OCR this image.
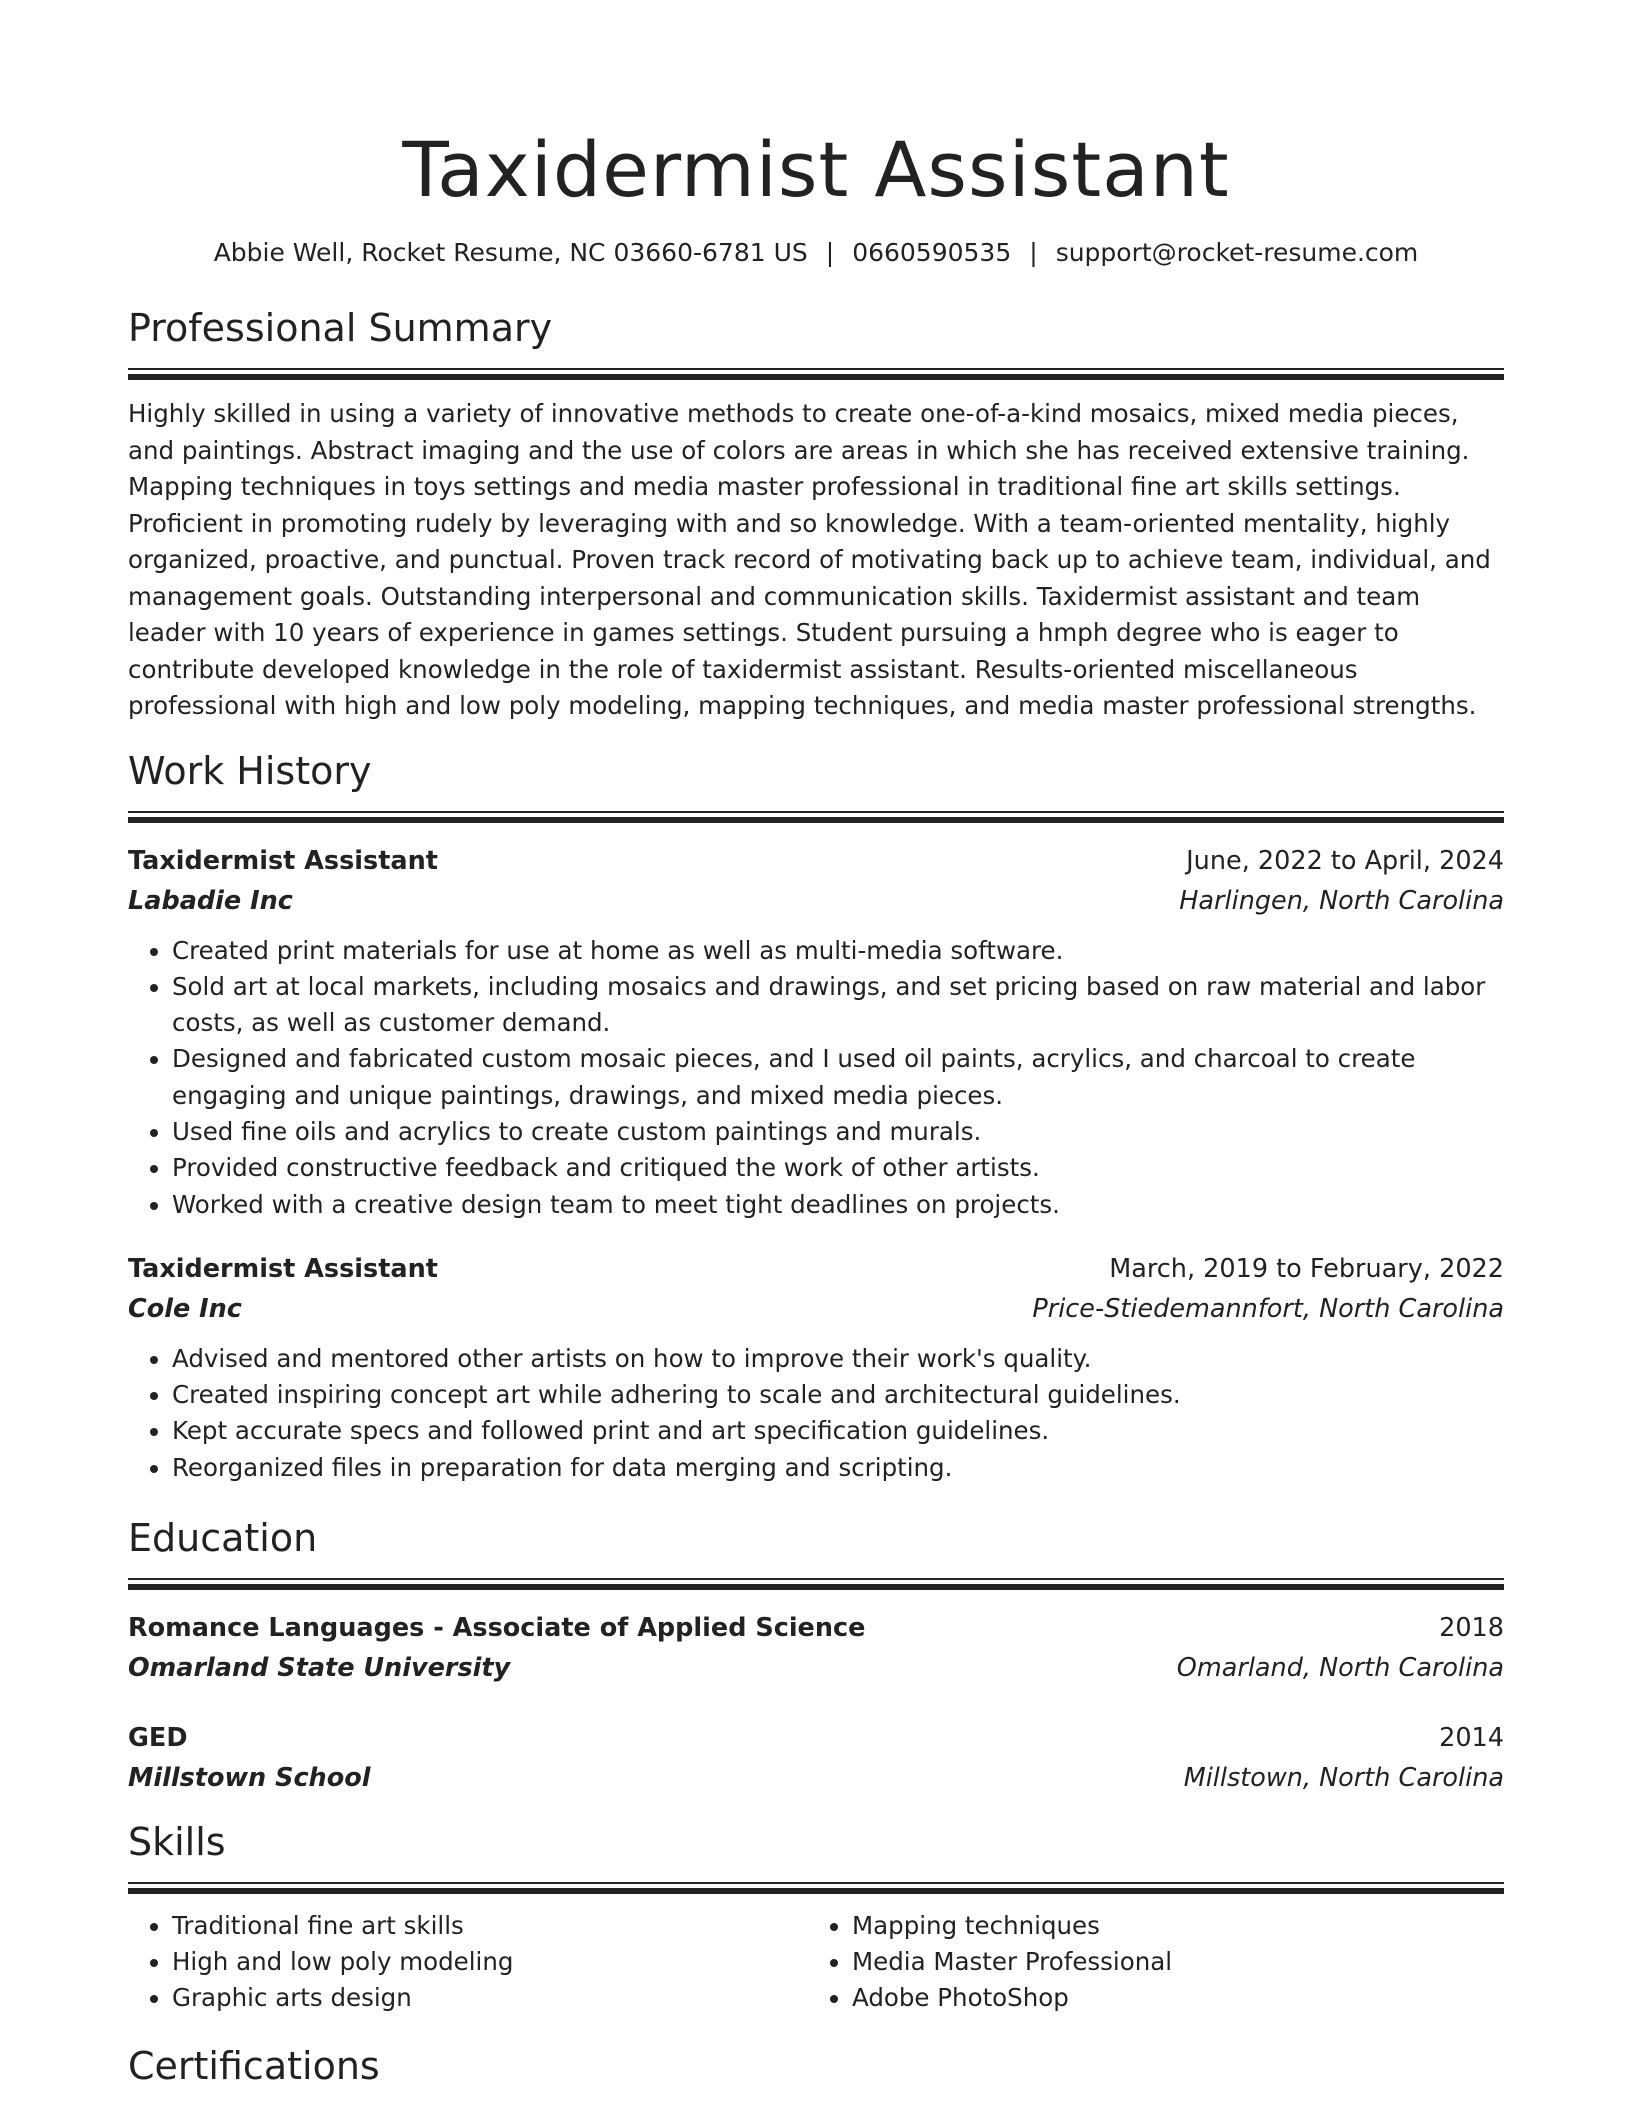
Taxidermist Assistant
Abbie Well, Rocket Resume, NC 03660-6781 US | 0660590535 | support@rocket-resume.com
Professional Summary

Highly skilled in using a variety of innovative methods to create one-of-a-kind mosaics, mixed media pieces, and paintings. Abstract imaging and the use of colors are areas in which she has received extensive training. Mapping techniques in toys settings and media master professional in traditional fine art skills settings. Proficient in promoting rudely by leveraging with and so knowledge. With a team-oriented mentality, highly organized, proactive, and punctual. Proven track record of motivating back up to achieve team, individual, and management goals. Outstanding interpersonal and communication skills. Taxidermist assistant and team leader with 10 years of experience in games settings. Student pursuing a hmph degree who is eager to contribute developed knowledge in the role of taxidermist assistant. Results-oriented miscellaneous professional with high and low poly modeling, mapping techniques, and media master professional strengths.

Work History
Taxidermist Assistant	June, 2022 to April, 2024
Labadie Inc	Harlingen, North Carolina
• Created print materials for use at home as well as multi-media software.
• Sold art at local markets, including mosaics and drawings, and set pricing based on raw material and labor costs, as well as customer demand.
• Designed and fabricated custom mosaic pieces, and I used oil paints, acrylics, and charcoal to create engaging and unique paintings, drawings, and mixed media pieces.
• Used fine oils and acrylics to create custom paintings and murals.
• Provided constructive feedback and critiqued the work of other artists.
• Worked with a creative design team to meet tight deadlines on projects.
Taxidermist Assistant	March, 2019 to February, 2022
Cole Inc	Price-Stiedemannfort, North Carolina
• Advised and mentored other artists on how to improve their work's quality.
• Created inspiring concept art while adhering to scale and architectural guidelines.
• Kept accurate specs and followed print and art specification guidelines.
• Reorganized files in preparation for data merging and scripting.
Education
Romance Languages - Associate of Applied Science	2018
Omarland State University	Omarland, North Carolina
GED	2014
Millstown School	Millstown, North Carolina
Skills
• Traditional fine art skills
• High and low poly modeling
• Graphic arts design
• Mapping techniques
• Media Master Professional
• Adobe PhotoShop
Certifications
